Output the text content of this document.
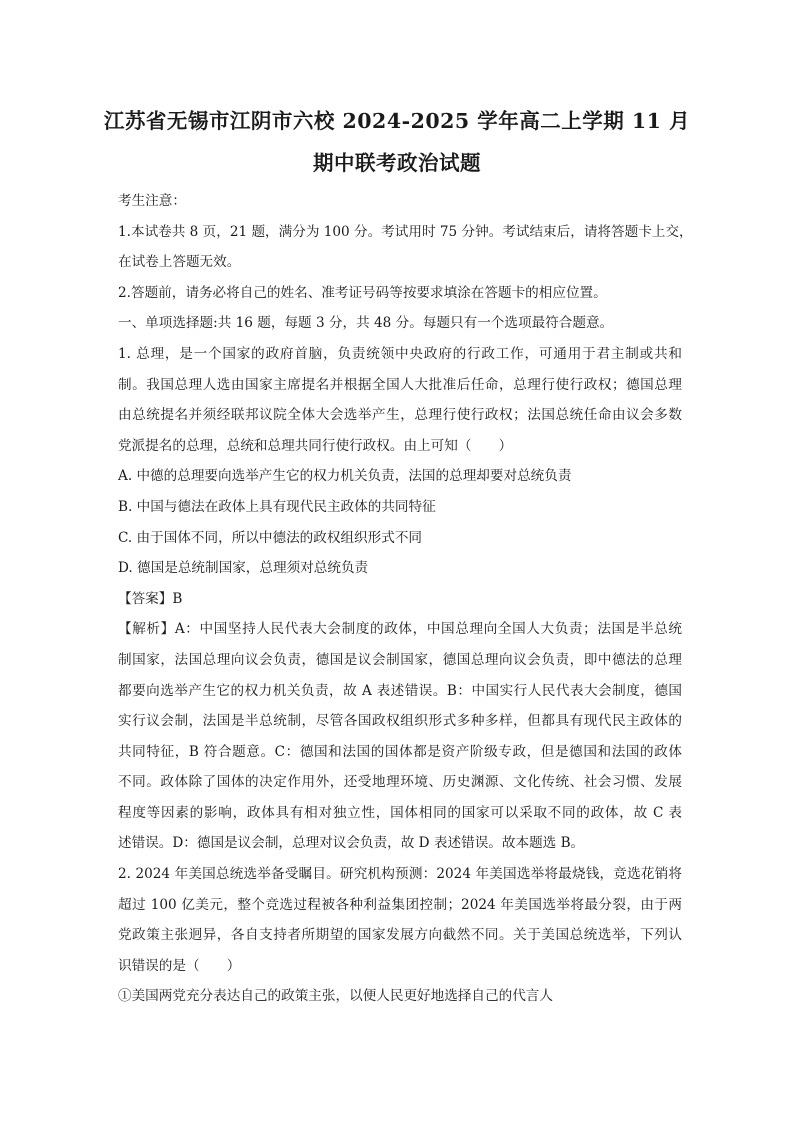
江苏省无锡市江阴市六校 2024-2025 学年高二上学期 11 月
期中联考政治试题
考生注意：
1.本试卷共 8 页，21 题，满分为 100 分。考试用时 75 分钟。考试结束后，请将答题卡上交，
在试卷上答题无效。
2.答题前，请务必将自己的姓名、准考证号码等按要求填涂在答题卡的相应位置。
一、单项选择题:共 16 题，每题 3 分，共 48 分。每题只有一个选项最符合题意。
1. 总理，是一个国家的政府首脑，负责统领中央政府的行政工作，可通用于君主制或共和
制。我国总理人选由国家主席提名并根据全国人大批准后任命，总理行使行政权；德国总理
由总统提名并须经联邦议院全体大会选举产生，总理行使行政权；法国总统任命由议会多数
党派提名的总理，总统和总理共同行使行政权。由上可知（　　）
A. 中德的总理要向选举产生它的权力机关负责，法国的总理却要对总统负责
B. 中国与德法在政体上具有现代民主政体的共同特征
C. 由于国体不同，所以中德法的政权组织形式不同
D. 德国是总统制国家，总理须对总统负责
【答案】B
【解析】A：中国坚持人民代表大会制度的政体，中国总理向全国人大负责；法国是半总统
制国家，法国总理向议会负责，德国是议会制国家，德国总理向议会负责，即中德法的总理
都要向选举产生它的权力机关负责，故 A 表述错误。B：中国实行人民代表大会制度，德国
实行议会制，法国是半总统制，尽管各国政权组织形式多种多样，但都具有现代民主政体的
共同特征，B 符合题意。C：德国和法国的国体都是资产阶级专政，但是德国和法国的政体
不同。政体除了国体的决定作用外，还受地理环境、历史渊源、文化传统、社会习惯、发展
程度等因素的影响，政体具有相对独立性，国体相同的国家可以采取不同的政体，故 C 表
述错误。D：德国是议会制，总理对议会负责，故 D 表述错误。故本题选 B。
2. 2024 年美国总统选举备受瞩目。研究机构预测：2024 年美国选举将最烧钱，竞选花销将
超过 100 亿美元，整个竞选过程被各种利益集团控制；2024 年美国选举将最分裂，由于两
党政策主张迥异，各自支持者所期望的国家发展方向截然不同。关于美国总统选举，下列认
识错误的是（　　）
①美国两党充分表达自己的政策主张，以便人民更好地选择自己的代言人
